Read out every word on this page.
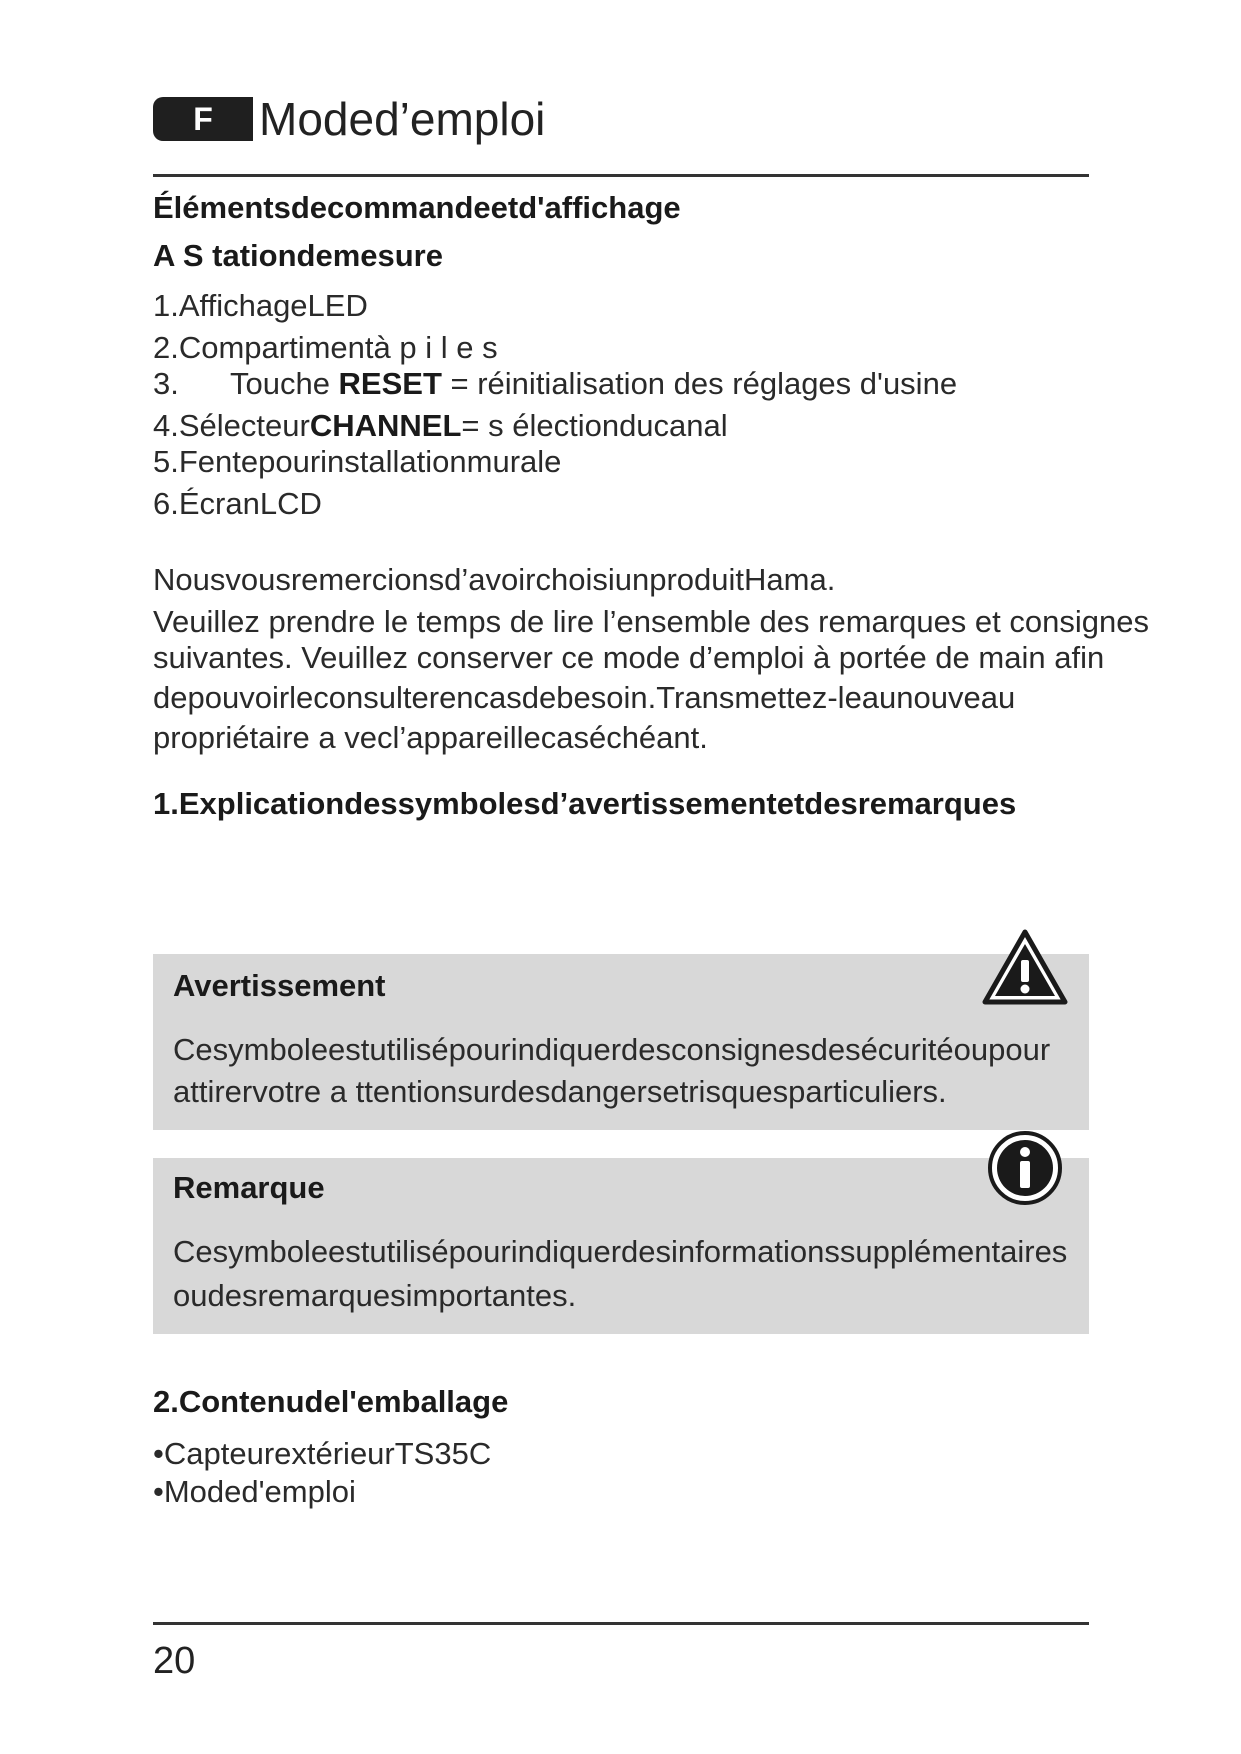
F	Moded’emploi
Élémentsdecommandeetd'affichage
A S tationdemesure
1.AffichageLED
2.Compartimentà p i l e s
3.      Touche RESET = réinitialisation des réglages d'usine
4.SélecteurCHANNEL= s électionducanal
5.Fentepourinstallationmurale
6.ÉcranLCD
Nousvousremercionsd’avoirchoisiunproduitHama.
Veuillez prendre le temps de lire l’ensemble des remarques et consignes
suivantes. Veuillez conserver ce mode d’emploi à portée de main afin
depouvoirleconsulterencasdebesoin.Transmettez-leaunouveau
propriétaire a vecl’appareillecaséchéant.
1.Explicationdessymbolesd’avertissementetdesremarques
Avertissement
Cesymboleestutilisépourindiquerdesconsignesdesécuritéoupour
attirervotre a ttentionsurdesdangersetrisquesparticuliers.
Remarque
Cesymboleestutilisépourindiquerdesinformationssupplémentaires
oudesremarquesimportantes.
2.Contenudel'emballage
•CapteurextérieurTS35C
•Moded'emploi
20
